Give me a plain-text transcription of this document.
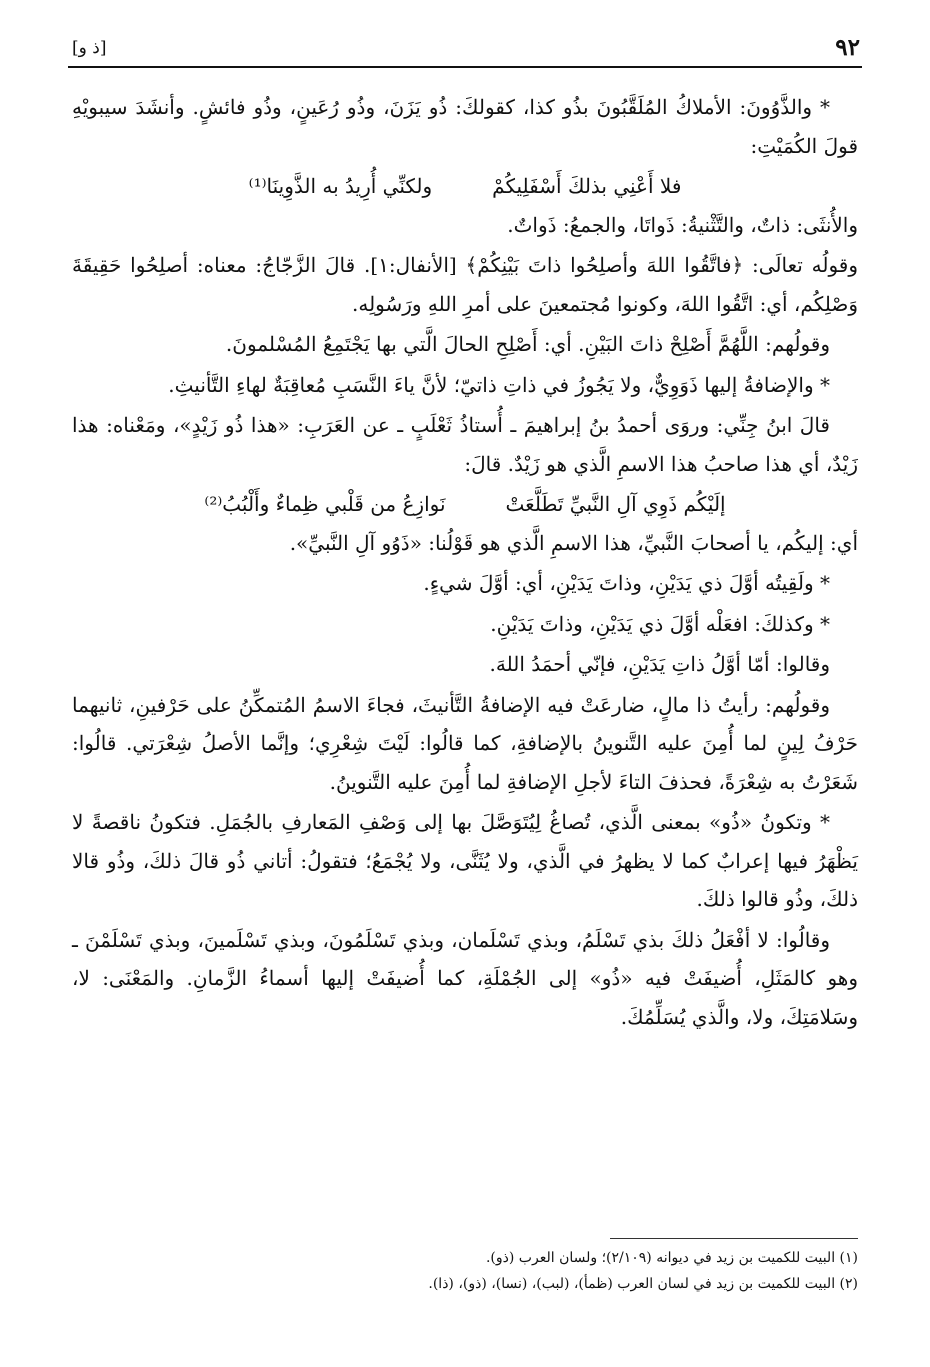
٩٢
[ذ و]

* والذَّوُونَ: الأملاكُ المُلَقَّبُونَ بذُو كذا، كقولكَ: ذُو يَزَنَ، وذُو رُعَينٍ، وذُو فائشٍ. وأنشَدَ سيبويْهِ قولَ الكُمَيْتِ:

فلا أَعْنِي بذلكَ أَسْفَلِيكُمْ
ولكنِّي أُرِيدُ به الذَّوِينَا⁽¹⁾

والأُنثَى: ذاتٌ، والتَّثْنيةُ: ذَواتَا، والجمعُ: ذَواتٌ.

وقولُه تعالَى: ﴿فاتَّقُوا اللهَ وأصلِحُوا ذاتَ بَيْنِكُمْ﴾ [الأنفال:١]. قالَ الزَّجّاجُ: معناه: أصلِحُوا حَقِيقَةَ وَصْلِكُم، أي: اتَّقُوا اللهَ، وكونوا مُجتمعينَ على أمرِ اللهِ ورَسُولِه.

وقولُهم: اللَّهُمَّ أَصْلِحْ ذاتَ البَيْنِ. أي: أَصْلِحِ الحالَ الَّتي بها يَجْتَمِعُ المُسْلمونَ.

* والإضافةُ إليها ذَوَوِيٌّ، ولا يَجُوزُ في ذاتِ ذاتيّ؛ لأنَّ ياءَ النَّسَبِ مُعاقِبَةٌ لهاءِ التَّأنيثِ.

قالَ ابنُ جِنِّي: وروَى أحمدُ بنُ إبراهيمَ ـ أُستاذُ ثَعْلَبٍ ـ عن العَرَبِ: «هذا ذُو زَيْدٍ»، ومَعْناه: هذا زَيْدٌ، أي هذا صاحبُ هذا الاسمِ الَّذي هو زَيْدٌ. قالَ:

إلَيْكُم ذَوِي آلِ النَّبيِّ تَطَلَّعَتْ
نَوازِعُ من قَلْبي ظِماءٌ وأَلْبُبُ⁽²⁾

أي: إليكُم، يا أصحابَ النَّبيِّ، هذا الاسمِ الَّذي هو قَوْلُنا: «ذَوُو آلِ النَّبيِّ».

* ولَقِيتُه أوَّلَ ذي يَدَيْنِ، وذاتَ يَدَيْنِ، أي: أوَّلَ شيءٍ.

* وكذلكَ: افعَلْه أوَّلَ ذي يَدَيْنِ، وذاتَ يَدَيْنِ.

وقالوا: أمّا أوَّلُ ذاتِ يَدَيْنِ، فإنّي أحمَدُ اللهَ.

وقولُهم: رأيتُ ذا مالٍ، ضارعَتْ فيه الإضافةُ التَّأنيثَ، فجاءَ الاسمُ المُتمكِّنُ على حَرْفينِ، ثانيهما حَرْفُ لِينٍ لما أُمِنَ عليه التَّنوينُ بالإضافةِ، كما قالُوا: لَيْتَ شِعْرِي؛ وإنَّما الأصلُ شِعْرَتي. قالُوا: شَعَرْتُ به شِعْرَةً، فحذفَ التاءَ لأجلِ الإضافةِ لما أُمِنَ عليه التَّنوينُ.

* وتكونُ «ذُو» بمعنى الَّذي، تُصاغُ لِيُتَوَصَّلَ بها إلى وَصْفِ المَعارفِ بالجُمَلِ. فتكونُ ناقصةً لا يَظْهَرُ فيها إعرابٌ كما لا يظهرُ في الَّذي، ولا يُثَنَّى، ولا يُجْمَعُ؛ فتقولُ: أتاني ذُو قالَ ذلكَ، وذُو قالا ذلكَ، وذُو قالوا ذلكَ.

وقالُوا: لا أفْعَلُ ذلكَ بذي تَسْلَمُ، وبذي تَسْلَمان، وبذي تَسْلَمُونَ، وبذي تَسْلَمينَ، وبذي تَسْلَمْنَ ـ وهو كالمَثَلِ، أُضيفَتْ فيه «ذُو» إلى الجُمْلَةِ، كما أُضيفَتْ إليها أسماءُ الزَّمانِ. والمَعْنَى: لا، وسَلامَتِكَ، ولا، والَّذي يُسَلِّمُكَ.

(١) البيت للكميت بن زيد في ديوانه (٢/١٠٩)؛ ولسان العرب (ذو).
(٢) البيت للكميت بن زيد في لسان العرب (ظمأ)، (لبب)، (نسا)، (ذو)، (ذا).
